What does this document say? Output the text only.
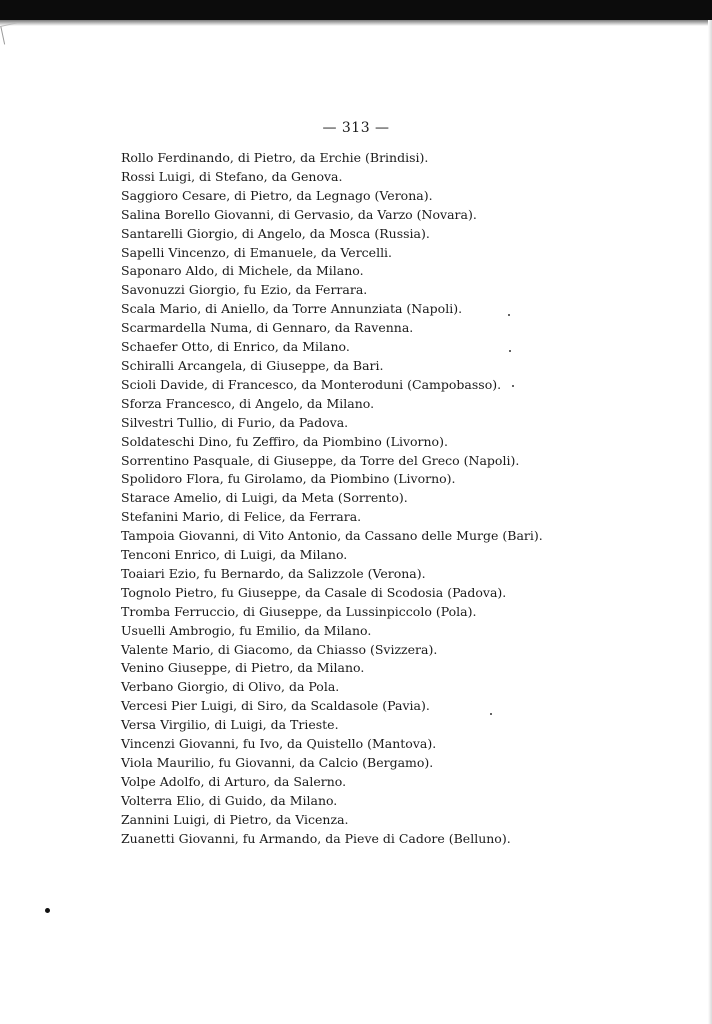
— 313 —
Rollo Ferdinando, di Pietro, da Erchie (Brindisi).
Rossi Luigi, di Stefano, da Genova.
Saggioro Cesare, di Pietro, da Legnago (Verona).
Salina Borello Giovanni, di Gervasio, da Varzo (Novara).
Santarelli Giorgio, di Angelo, da Mosca (Russia).
Sapelli Vincenzo, di Emanuele, da Vercelli.
Saponaro Aldo, di Michele, da Milano.
Savonuzzi Giorgio, fu Ezio, da Ferrara.
Scala Mario, di Aniello, da Torre Annunziata (Napoli).
Scarmardella Numa, di Gennaro, da Ravenna.
Schaefer Otto, di Enrico, da Milano.
Schiralli Arcangela, di Giuseppe, da Bari.
Scioli Davide, di Francesco, da Monteroduni (Campobasso).
Sforza Francesco, di Angelo, da Milano.
Silvestri Tullio, di Furio, da Padova.
Soldateschi Dino, fu Zeffiro, da Piombino (Livorno).
Sorrentino Pasquale, di Giuseppe, da Torre del Greco (Napoli).
Spolidoro Flora, fu Girolamo, da Piombino (Livorno).
Starace Amelio, di Luigi, da Meta (Sorrento).
Stefanini Mario, di Felice, da Ferrara.
Tampoia Giovanni, di Vito Antonio, da Cassano delle Murge (Bari).
Tenconi Enrico, di Luigi, da Milano.
Toaiari Ezio, fu Bernardo, da Salizzole (Verona).
Tognolo Pietro, fu Giuseppe, da Casale di Scodosia (Padova).
Tromba Ferruccio, di Giuseppe, da Lussinpiccolo (Pola).
Usuelli Ambrogio, fu Emilio, da Milano.
Valente Mario, di Giacomo, da Chiasso (Svizzera).
Venino Giuseppe, di Pietro, da Milano.
Verbano Giorgio, di Olivo, da Pola.
Vercesi Pier Luigi, di Siro, da Scaldasole (Pavia).
Versa Virgilio, di Luigi, da Trieste.
Vincenzi Giovanni, fu Ivo, da Quistello (Mantova).
Viola Maurilio, fu Giovanni, da Calcio (Bergamo).
Volpe Adolfo, di Arturo, da Salerno.
Volterra Elio, di Guido, da Milano.
Zannini Luigi, di Pietro, da Vicenza.
Zuanetti Giovanni, fu Armando, da Pieve di Cadore (Belluno).
